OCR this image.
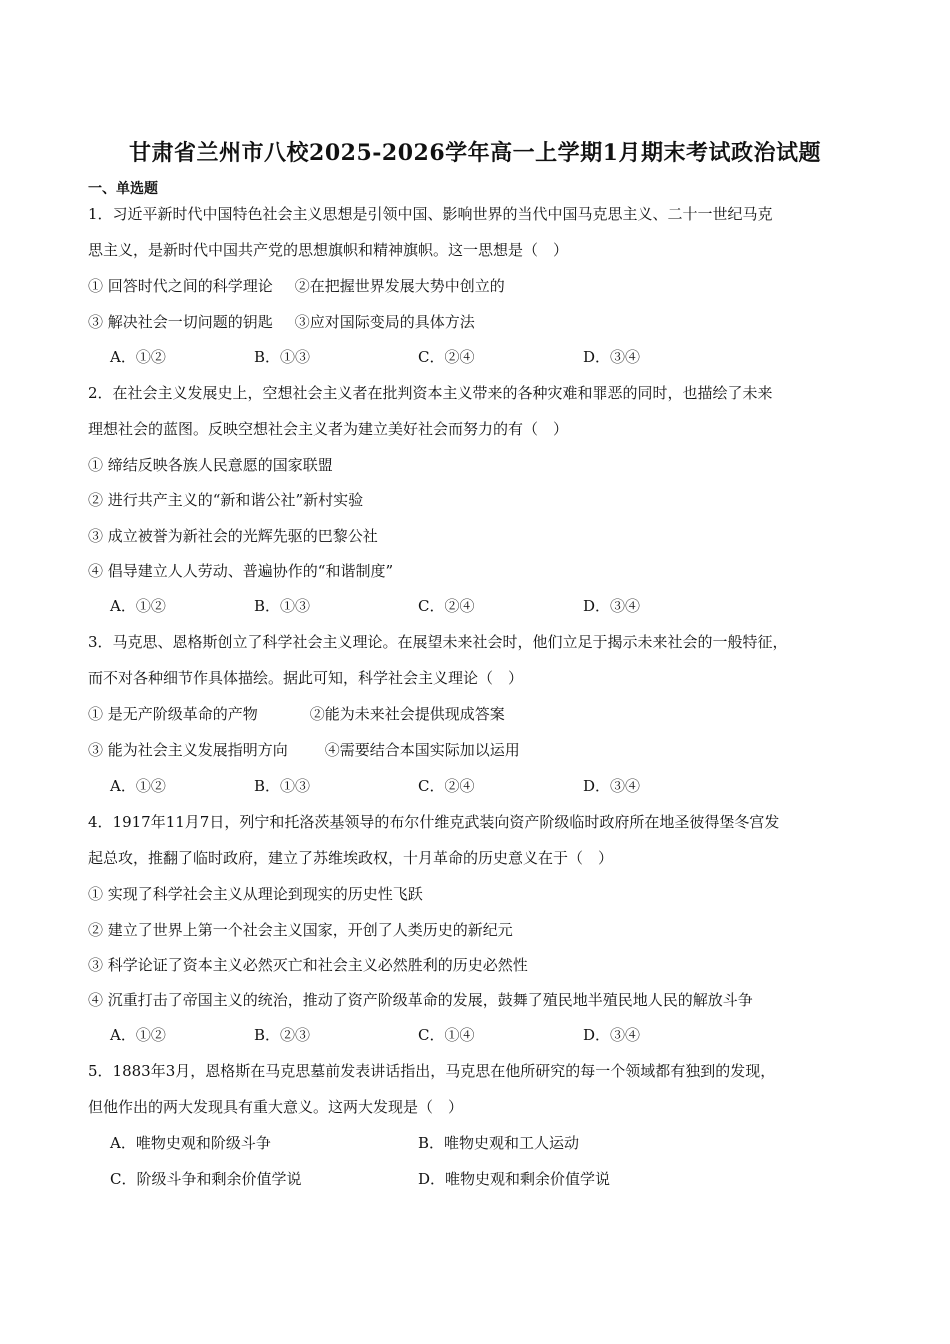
甘肃省兰州市八校2025-2026学年高一上学期1月期末考试政治试题
一、单选题
1．习近平新时代中国特色社会主义思想是引领中国、影响世界的当代中国马克思主义、二十一世纪马克
思主义，是新时代中国共产党的思想旗帜和精神旗帜。这一思想是（　）
① 回答时代之间的科学理论 ②在把握世界发展大势中创立的
③ 解决社会一切问题的钥匙 ③应对国际变局的具体方法
A．①②	B．①③	C．②④	D．③④
2．在社会主义发展史上，空想社会主义者在批判资本主义带来的各种灾难和罪恶的同时，也描绘了未来
理想社会的蓝图。反映空想社会主义者为建立美好社会而努力的有（　）
① 缔结反映各族人民意愿的国家联盟
② 进行共产主义的“新和谐公社”新村实验
③ 成立被誉为新社会的光辉先驱的巴黎公社
④ 倡导建立人人劳动、普遍协作的“和谐制度”
A．①②	B．①③	C．②④	D．③④
3．马克思、恩格斯创立了科学社会主义理论。在展望未来社会时，他们立足于揭示未来社会的一般特征，
而不对各种细节作具体描绘。据此可知，科学社会主义理论（　）
① 是无产阶级革命的产物	②能为未来社会提供现成答案
③ 能为社会主义发展指明方向 ④需要结合本国实际加以运用
A．①②	B．①③	C．②④	D．③④
4．1917年11月7日，列宁和托洛茨基领导的布尔什维克武装向资产阶级临时政府所在地圣彼得堡冬宫发
起总攻，推翻了临时政府，建立了苏维埃政权，十月革命的历史意义在于（　）
① 实现了科学社会主义从理论到现实的历史性飞跃
② 建立了世界上第一个社会主义国家，开创了人类历史的新纪元
③ 科学论证了资本主义必然灭亡和社会主义必然胜利的历史必然性
④ 沉重打击了帝国主义的统治，推动了资产阶级革命的发展，鼓舞了殖民地半殖民地人民的解放斗争
A．①②	B．②③	C．①④	D．③④
5．1883年3月，恩格斯在马克思墓前发表讲话指出，马克思在他所研究的每一个领域都有独到的发现，
但他作出的两大发现具有重大意义。这两大发现是（　）
A．唯物史观和阶级斗争	B．唯物史观和工人运动
C．阶级斗争和剩余价值学说	D．唯物史观和剩余价值学说
